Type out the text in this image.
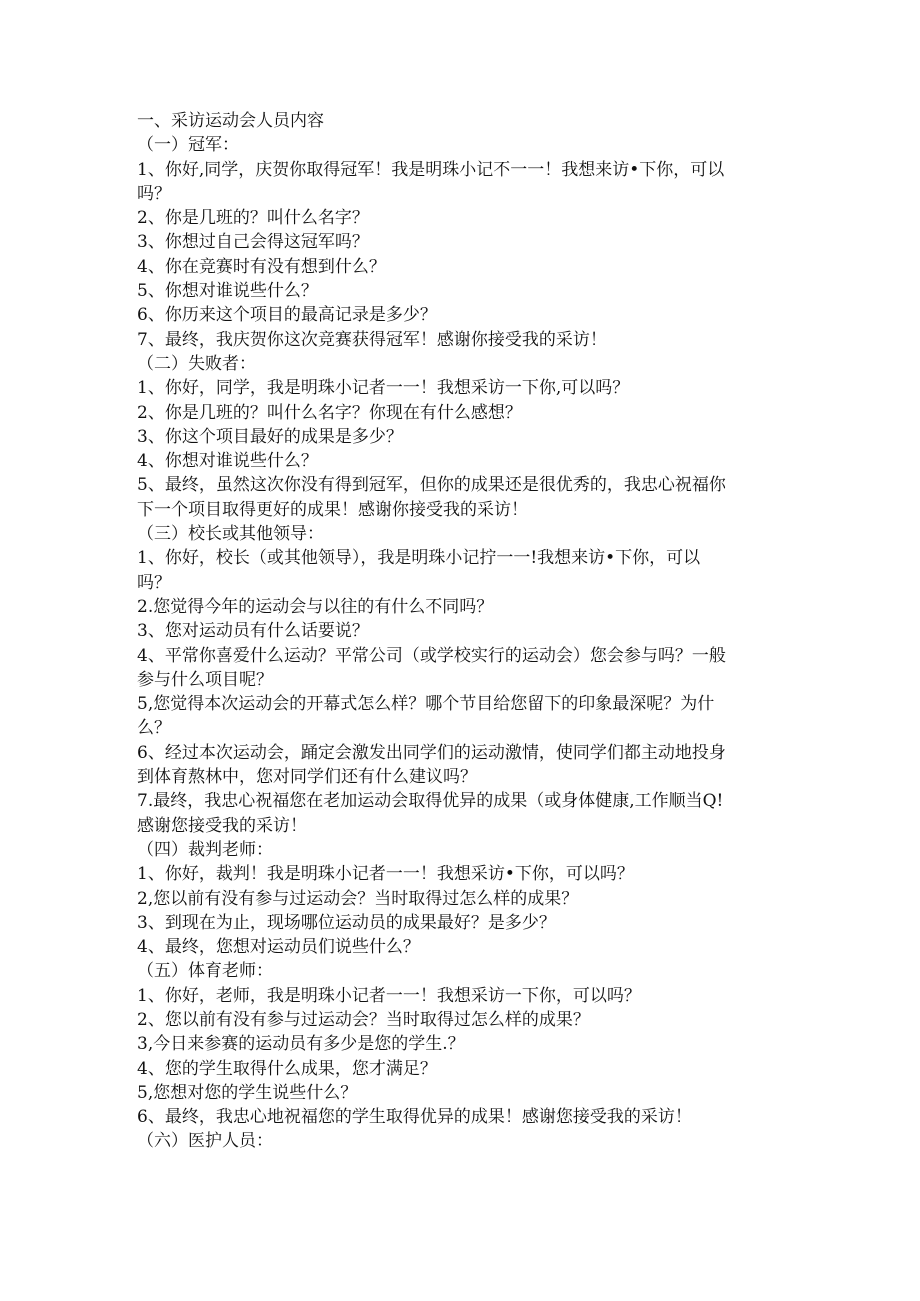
一、采访运动会人员内容
（一）冠军：
1、你好,同学，庆贺你取得冠军！我是明珠小记不一一！我想来访•下你，可以
吗？
2、你是几班的？叫什么名字？
3、你想过自己会得这冠军吗？
4、你在竞赛时有没有想到什么？
5、你想对谁说些什么？
6、你历来这个项目的最高记录是多少？
7、最终，我庆贺你这次竞赛获得冠军！感谢你接受我的采访！
（二）失败者：
1、你好，同学，我是明珠小记者一一！我想采访一下你,可以吗？
2、你是几班的？叫什么名字？你现在有什么感想？
3、你这个项目最好的成果是多少？
4、你想对谁说些什么？
5、最终，虽然这次你没有得到冠军，但你的成果还是很优秀的，我忠心祝福你
下一个项目取得更好的成果！感谢你接受我的采访！
（三）校长或其他领导：
1、你好，校长（或其他领导），我是明珠小记拧一一!我想来访•下你，可以
吗？
2.您觉得今年的运动会与以往的有什么不同吗？
3、您对运动员有什么话要说？
4、平常你喜爱什么运动？平常公司（或学校实行的运动会）您会参与吗？一般
参与什么项目呢？
5,您觉得本次运动会的开幕式怎么样？哪个节目给您留下的印象最深呢？为什
么？
6、经过本次运动会，踊定会激发出同学们的运动激情，使同学们都主动地投身
到体育熬林中，您对同学们还有什么建议吗？
7.最终，我忠心祝福您在老加运动会取得优异的成果（或身体健康,工作顺当Q!
感谢您接受我的采访！
（四）裁判老师：
1、你好，裁判！我是明珠小记者一一！我想采访•下你，可以吗？
2,您以前有没有参与过运动会？当时取得过怎么样的成果？
3、到现在为止，现场哪位运动员的成果最好？是多少？
4、最终，您想对运动员们说些什么？
（五）体育老师：
1、你好，老师，我是明珠小记者一一！我想采访一下你，可以吗？
2、您以前有没有参与过运动会？当时取得过怎么样的成果？
3,今日来参赛的运动员有多少是您的学生.？
4、您的学生取得什么成果，您才满足？
5,您想对您的学生说些什么？
6、最终，我忠心地祝福您的学生取得优异的成果！感谢您接受我的采访！
（六）医护人员：
